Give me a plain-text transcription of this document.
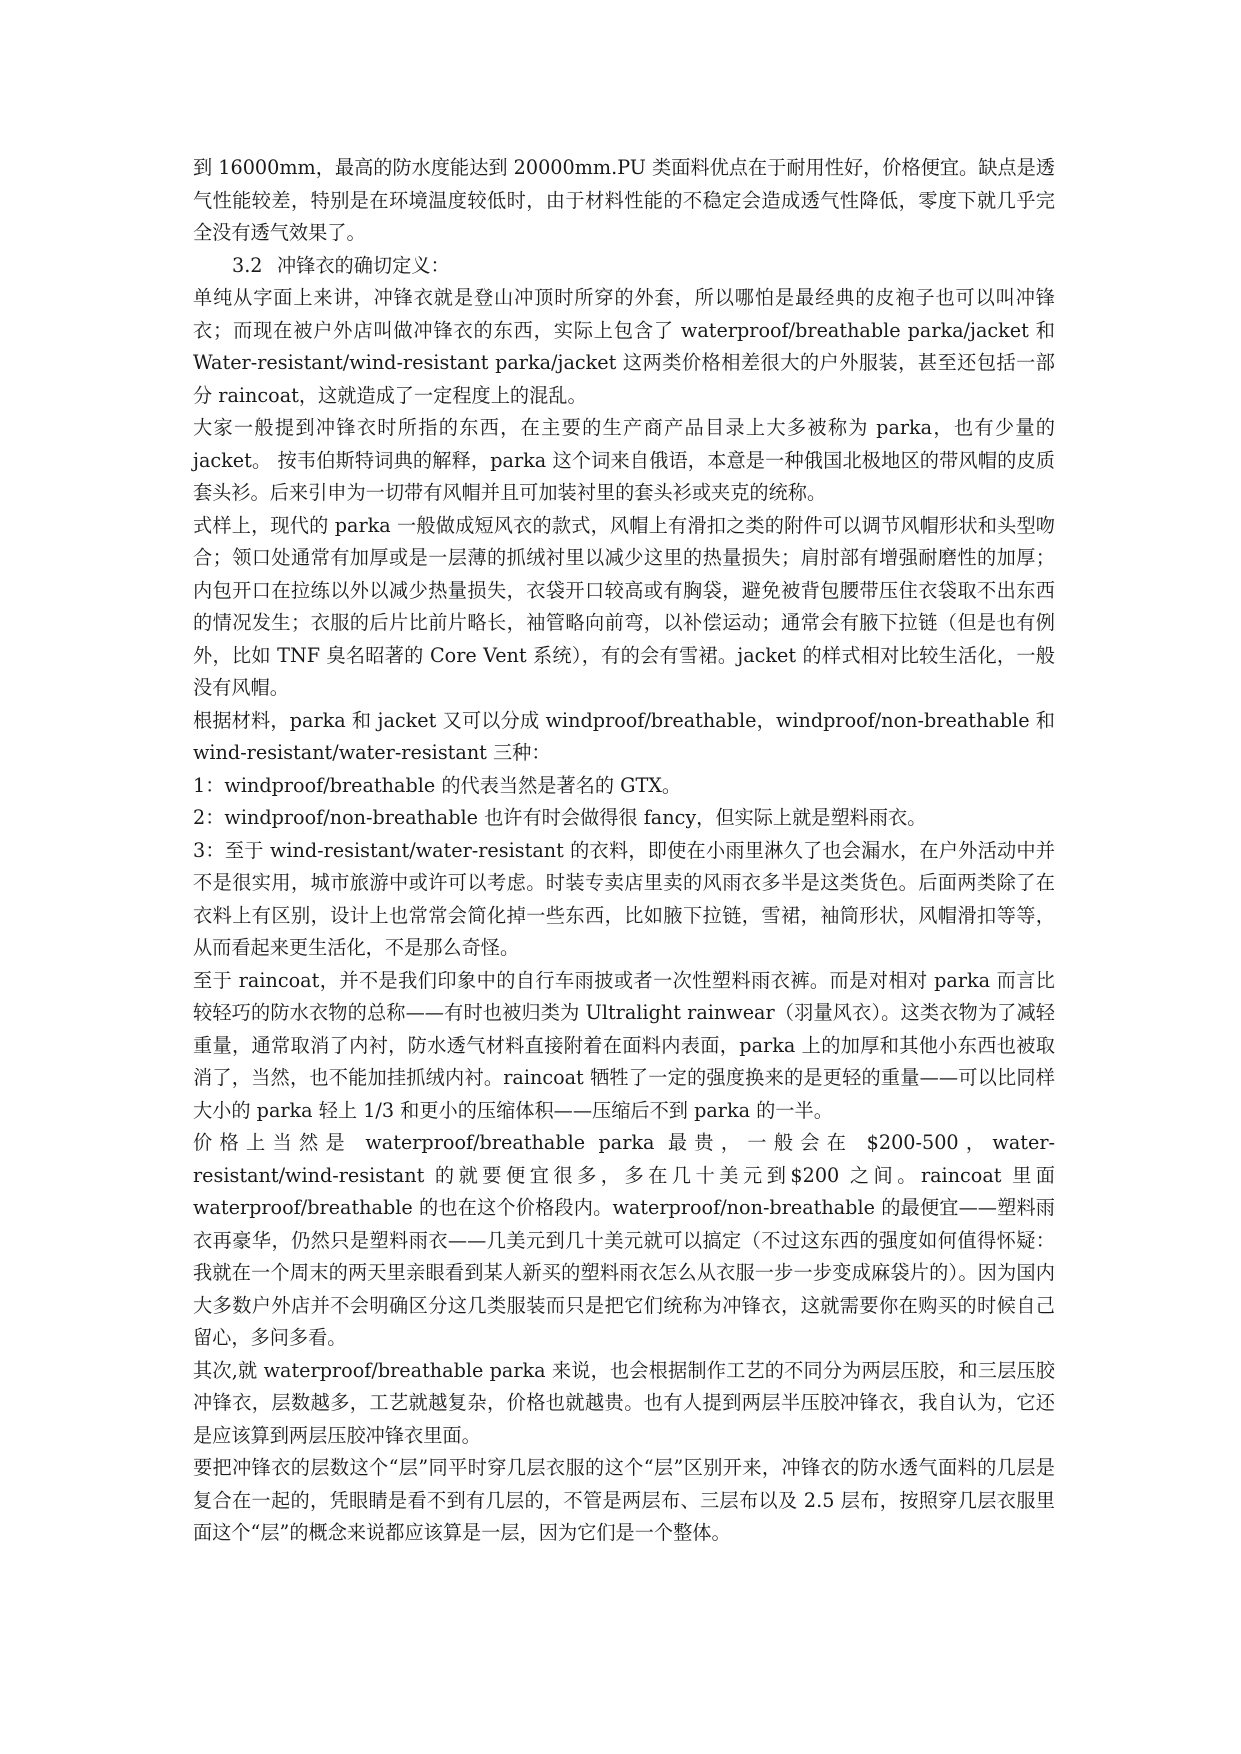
到 16000mm，最高的防水度能达到 20000mm.PU 类面料优点在于耐用性好，价格便宜。缺点是透气性能较差，特别是在环境温度较低时，由于材料性能的不稳定会造成透气性降低，零度下就几乎完全没有透气效果了。

3.2 冲锋衣的确切定义：

单纯从字面上来讲，冲锋衣就是登山冲顶时所穿的外套，所以哪怕是最经典的皮袍子也可以叫冲锋衣；而现在被户外店叫做冲锋衣的东西，实际上包含了 waterproof/breathable parka/jacket 和 Water-resistant/wind-resistant parka/jacket 这两类价格相差很大的户外服装，甚至还包括一部分 raincoat，这就造成了一定程度上的混乱。

大家一般提到冲锋衣时所指的东西，在主要的生产商产品目录上大多被称为 parka，也有少量的 jacket。 按韦伯斯特词典的解释，parka 这个词来自俄语，本意是一种俄国北极地区的带风帽的皮质套头衫。后来引申为一切带有风帽并且可加装衬里的套头衫或夹克的统称。

式样上，现代的 parka 一般做成短风衣的款式，风帽上有滑扣之类的附件可以调节风帽形状和头型吻合；领口处通常有加厚或是一层薄的抓绒衬里以减少这里的热量损失；肩肘部有增强耐磨性的加厚；内包开口在拉练以外以减少热量损失，衣袋开口较高或有胸袋，避免被背包腰带压住衣袋取不出东西的情况发生；衣服的后片比前片略长，袖管略向前弯，以补偿运动；通常会有腋下拉链（但是也有例外，比如 TNF 臭名昭著的 Core Vent 系统），有的会有雪裙。jacket 的样式相对比较生活化，一般没有风帽。

根据材料，parka 和 jacket 又可以分成 windproof/breathable，windproof/non-breathable 和 wind-resistant/water-resistant 三种：

1：windproof/breathable 的代表当然是著名的 GTX。

2：windproof/non-breathable 也许有时会做得很 fancy，但实际上就是塑料雨衣。

3：至于 wind-resistant/water-resistant 的衣料，即使在小雨里淋久了也会漏水，在户外活动中并不是很实用，城市旅游中或许可以考虑。时装专卖店里卖的风雨衣多半是这类货色。后面两类除了在衣料上有区别，设计上也常常会简化掉一些东西，比如腋下拉链，雪裙，袖筒形状，风帽滑扣等等，从而看起来更生活化，不是那么奇怪。

至于 raincoat，并不是我们印象中的自行车雨披或者一次性塑料雨衣裤。而是对相对 parka 而言比较轻巧的防水衣物的总称——有时也被归类为 Ultralight rainwear（羽量风衣）。这类衣物为了减轻重量，通常取消了内衬，防水透气材料直接附着在面料内表面，parka 上的加厚和其他小东西也被取消了，当然，也不能加挂抓绒内衬。raincoat 牺牲了一定的强度换来的是更轻的重量——可以比同样大小的 parka 轻上 1/3 和更小的压缩体积——压缩后不到 parka 的一半。

价格上当然是 waterproof/breathable parka 最贵，一般会在 $200-500，water-resistant/wind-resistant 的就要便宜很多，多在几十美元到$200 之间。raincoat 里面 waterproof/breathable 的也在这个价格段内。waterproof/non-breathable 的最便宜——塑料雨衣再豪华，仍然只是塑料雨衣——几美元到几十美元就可以搞定（不过这东西的强度如何值得怀疑：我就在一个周末的两天里亲眼看到某人新买的塑料雨衣怎么从衣服一步一步变成麻袋片的）。因为国内大多数户外店并不会明确区分这几类服装而只是把它们统称为冲锋衣，这就需要你在购买的时候自己留心，多问多看。

其次,就 waterproof/breathable parka 来说，也会根据制作工艺的不同分为两层压胶，和三层压胶冲锋衣，层数越多，工艺就越复杂，价格也就越贵。也有人提到两层半压胶冲锋衣，我自认为，它还是应该算到两层压胶冲锋衣里面。

要把冲锋衣的层数这个“层”同平时穿几层衣服的这个“层”区别开来，冲锋衣的防水透气面料的几层是复合在一起的，凭眼睛是看不到有几层的，不管是两层布、三层布以及 2.5 层布，按照穿几层衣服里面这个“层”的概念来说都应该算是一层，因为它们是一个整体。
